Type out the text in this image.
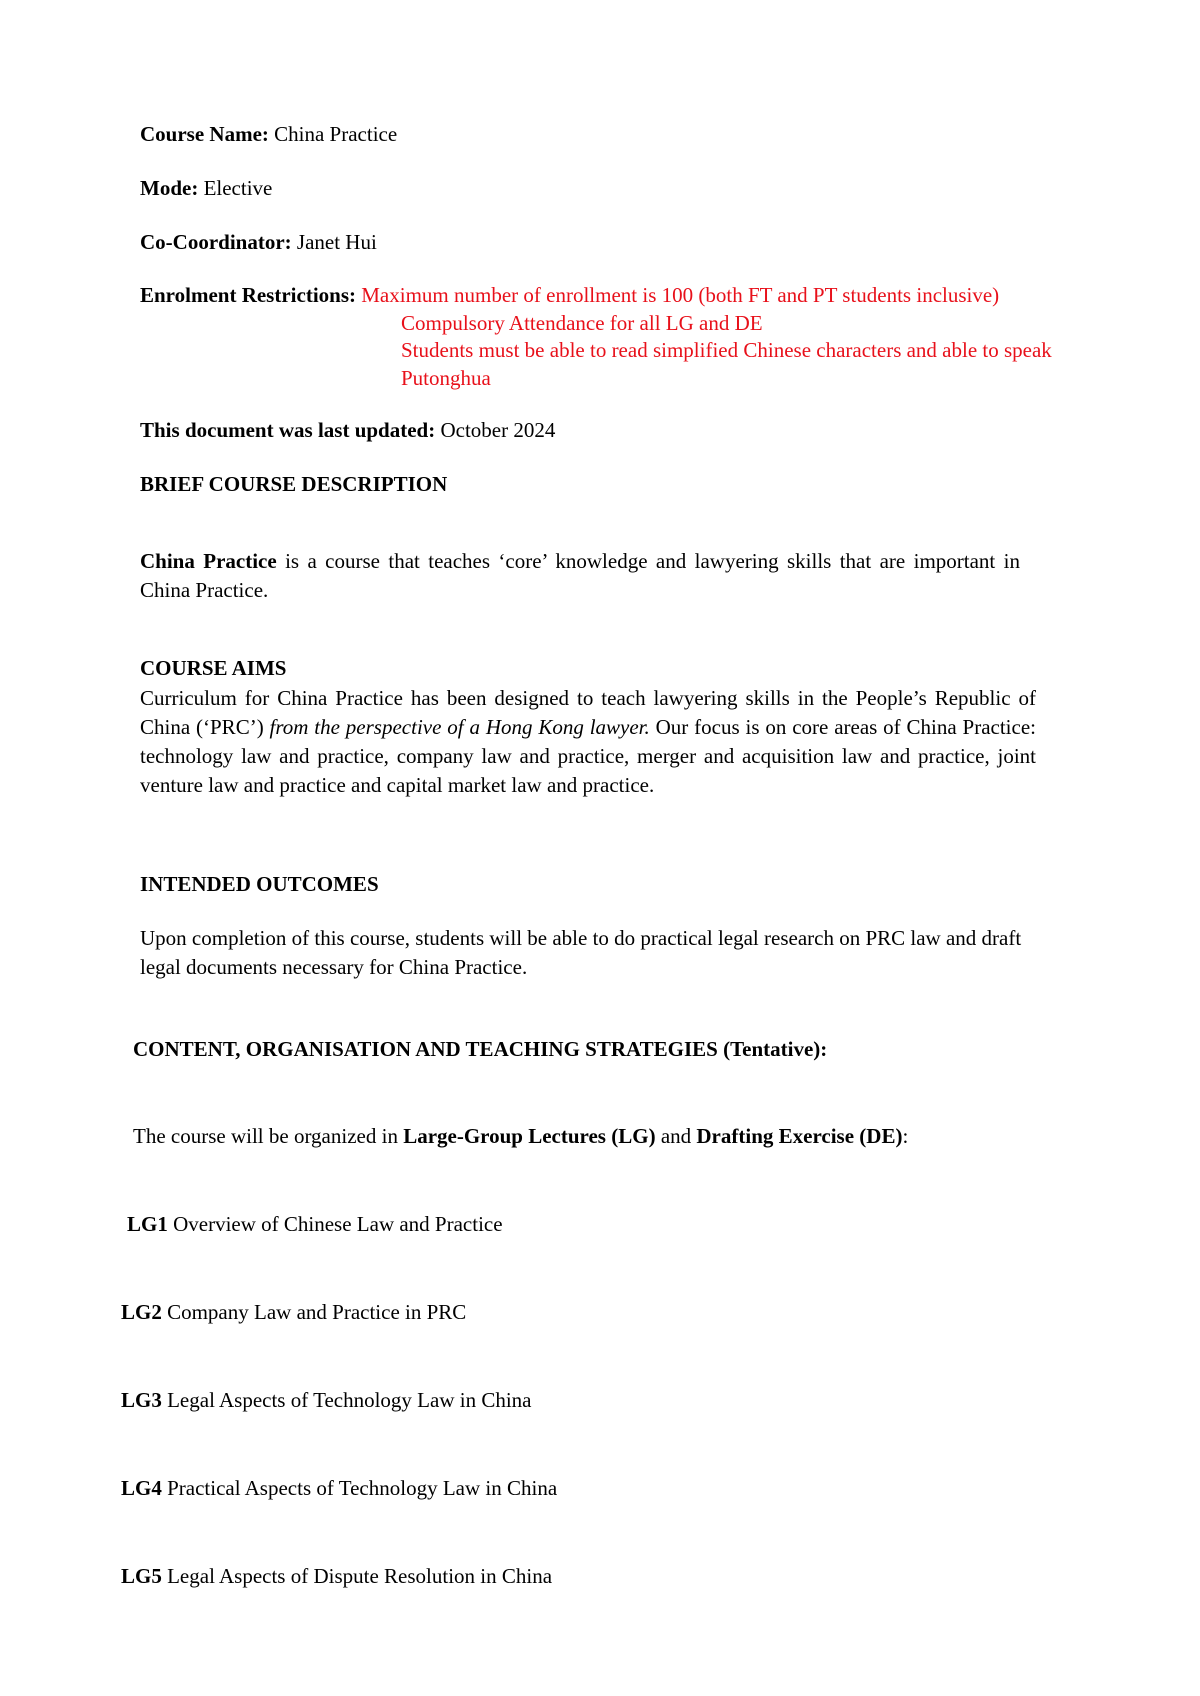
Course Name: China Practice
Mode: Elective
Co-Coordinator: Janet Hui
Enrolment Restrictions: Maximum number of enrollment is 100 (both FT and PT students inclusive)
Compulsory Attendance for all LG and DE
Students must be able to read simplified Chinese characters and able to speak
Putonghua
This document was last updated: October 2024
BRIEF COURSE DESCRIPTION
China Practice is a course that teaches ‘core’ knowledge and lawyering skills that are important in China Practice.
COURSE AIMS
Curriculum for China Practice has been designed to teach lawyering skills in the People’s Republic of China (‘PRC’) from the perspective of a Hong Kong lawyer. Our focus is on core areas of China Practice: technology law and practice, company law and practice, merger and acquisition law and practice, joint venture law and practice and capital market law and practice.
INTENDED OUTCOMES
Upon completion of this course, students will be able to do practical legal research on PRC law and draft legal documents necessary for China Practice.
CONTENT, ORGANISATION AND TEACHING STRATEGIES (Tentative):
The course will be organized in Large-Group Lectures (LG) and Drafting Exercise (DE):
LG1 Overview of Chinese Law and Practice
LG2 Company Law and Practice in PRC
LG3 Legal Aspects of Technology Law in China
LG4 Practical Aspects of Technology Law in China
LG5 Legal Aspects of Dispute Resolution in China
